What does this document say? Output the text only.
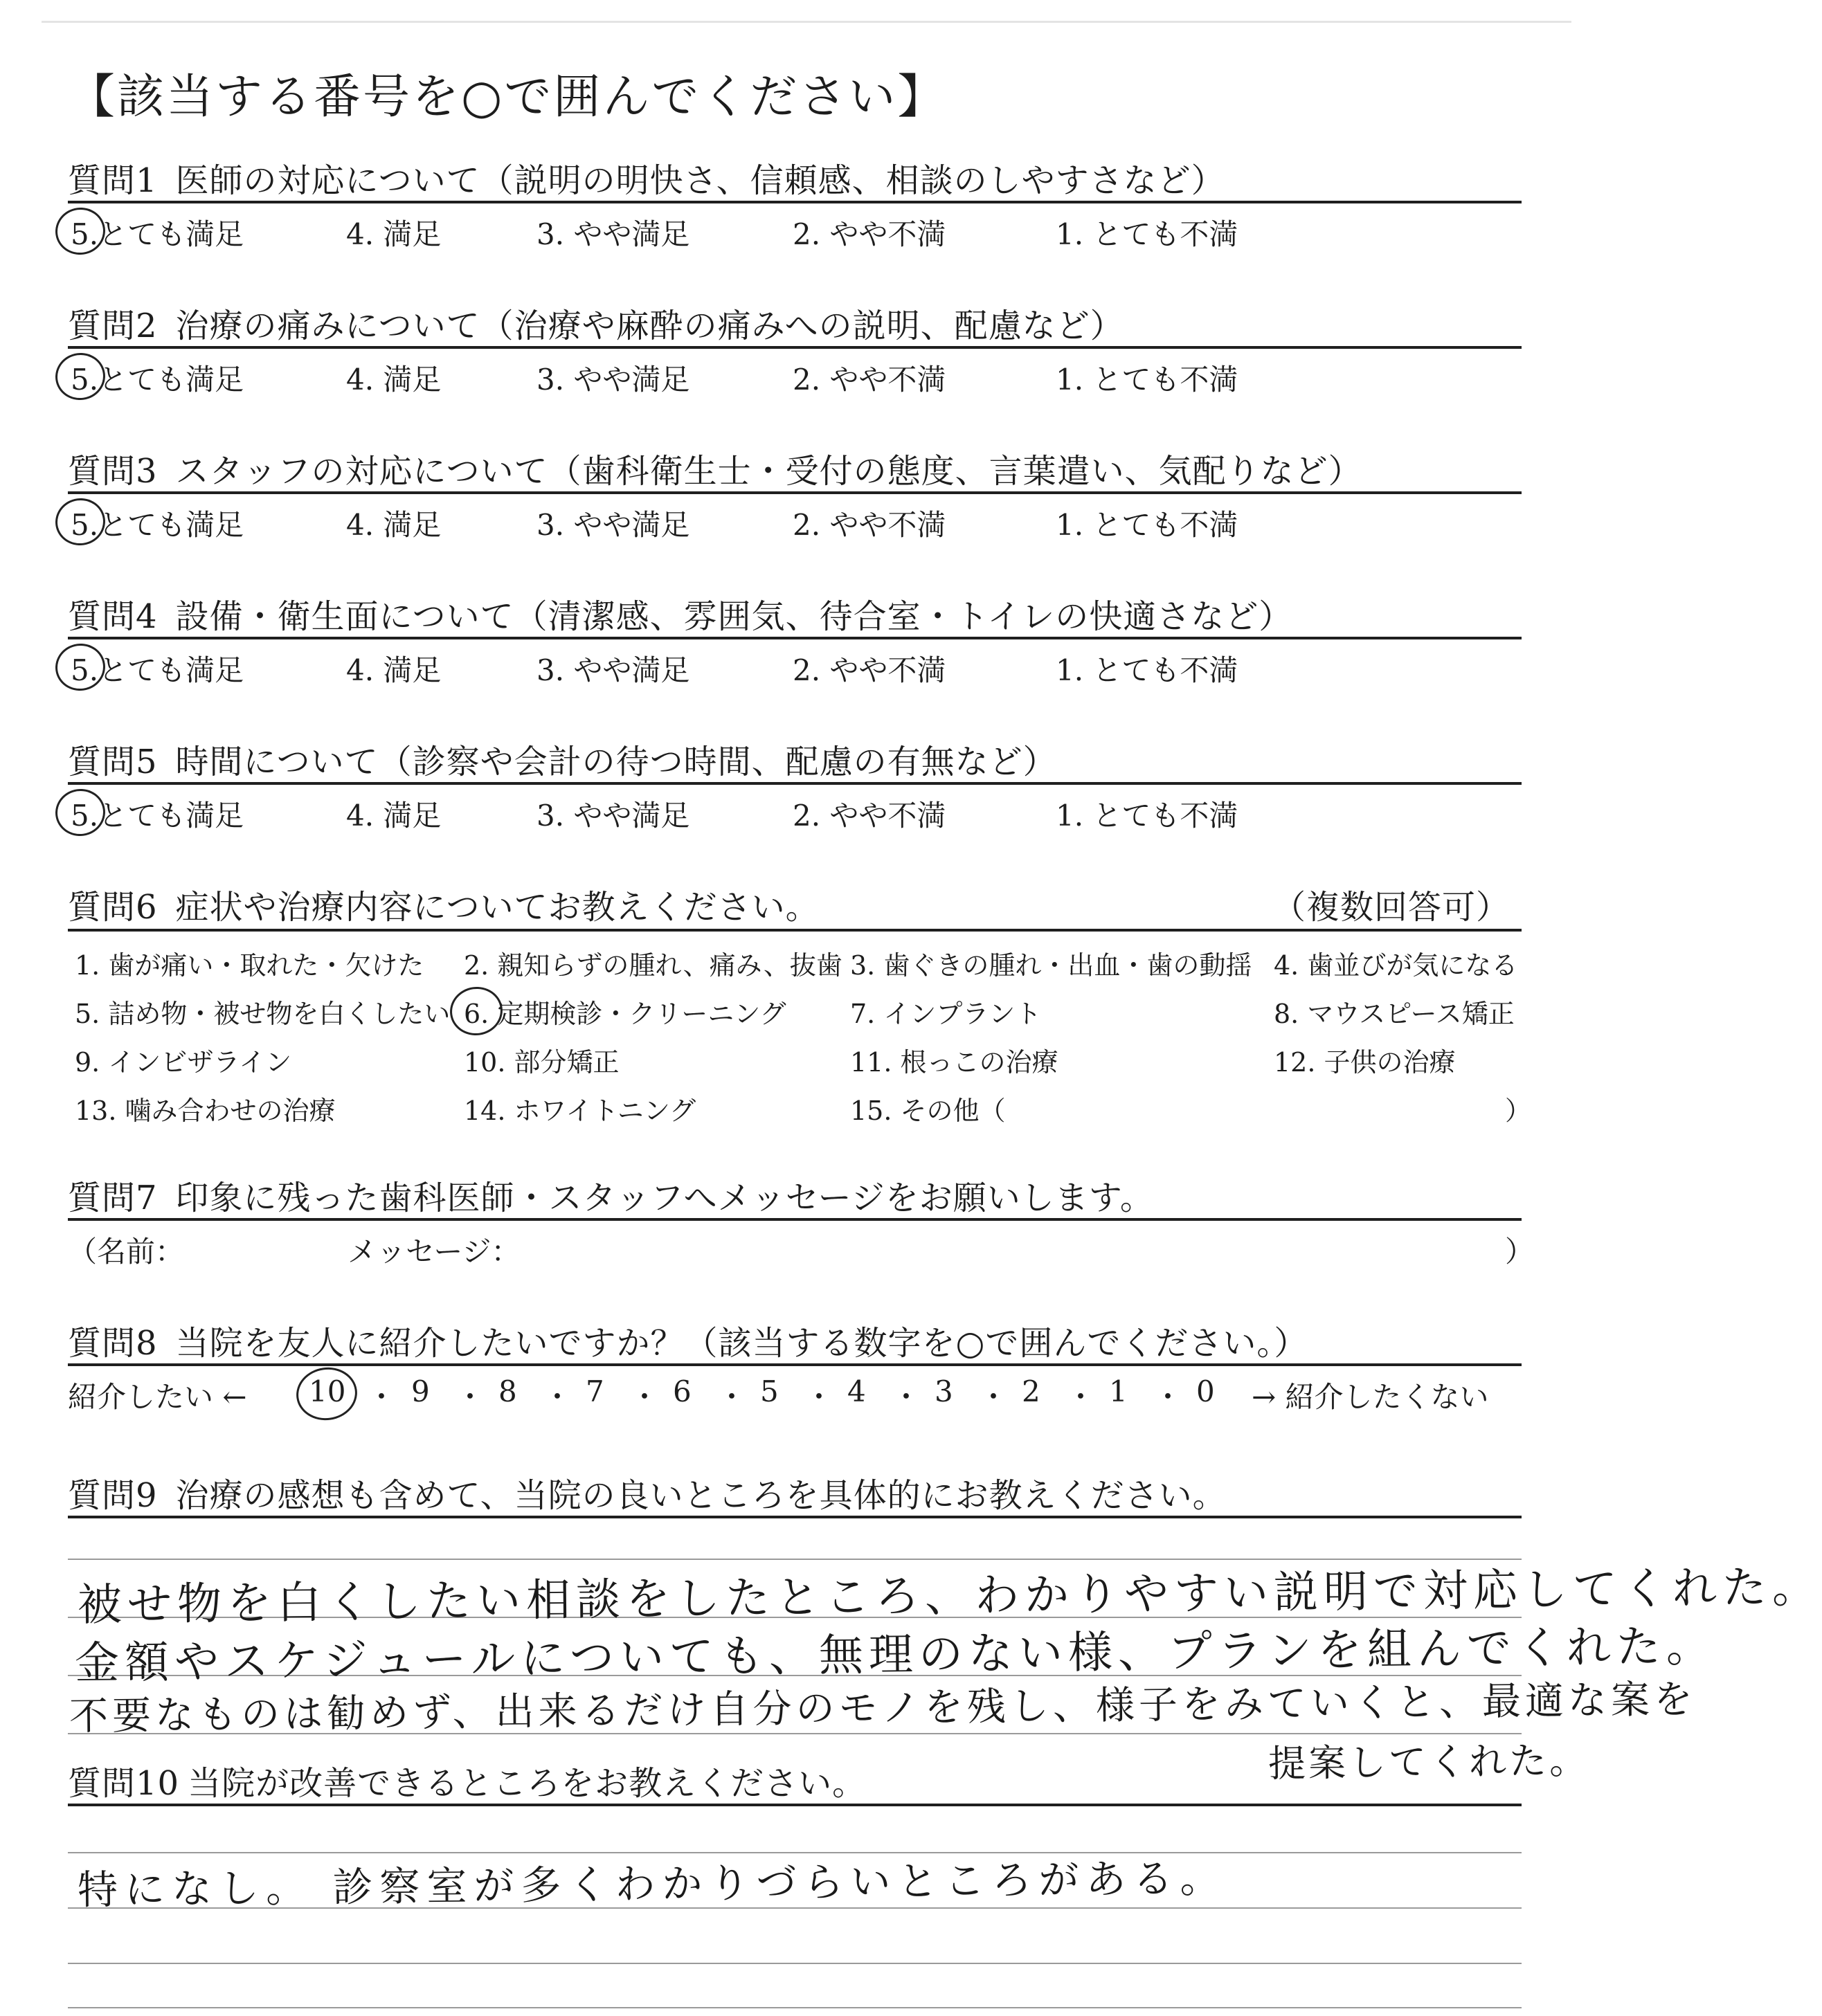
【該当する番号を○で囲んでください】
質問1 医師の対応について（説明の明快さ、信頼感、相談のしやすさなど）
5.とても満足	4. 満足	3. やや満足	2. やや不満	1. とても不満
質問2 治療の痛みについて（治療や麻酔の痛みへの説明、配慮など）
5.とても満足	4. 満足	3. やや満足	2. やや不満	1. とても不満
質問3 スタッフの対応について（歯科衛生士・受付の態度、言葉遣い、気配りなど）
5.とても満足	4. 満足	3. やや満足	2. やや不満	1. とても不満
質問4 設備・衛生面について（清潔感、雰囲気、待合室・トイレの快適さなど）
5.とても満足	4. 満足	3. やや満足	2. やや不満	1. とても不満
質問5 時間について（診察や会計の待つ時間、配慮の有無など）
5.とても満足	4. 満足	3. やや満足	2. やや不満	1. とても不満
質問6 症状や治療内容についてお教えください。	（複数回答可）
1. 歯が痛い・取れた・欠けた 2. 親知らずの腫れ、痛み、抜歯 3. 歯ぐきの腫れ・出血・歯の動揺 4. 歯並びが気になる
5. 詰め物・被せ物を白くしたい 6. 定期検診・クリーニング 7. インプラント	8. マウスピース矯正
9. インビザライン	10. 部分矯正	11. 根っこの治療	12. 子供の治療
13. 噛み合わせの治療	14. ホワイトニング	15. その他（	）
質問7 印象に残った歯科医師・スタッフへメッセージをお願いします。
（名前：	メッセージ：	）
質問8 当院を友人に紹介したいですか？（該当する数字を○で囲んでください。）
紹介したい ← 10 ・ 9 ・ 8 ・ 7 ・ 6 ・ 5 ・ 4 ・ 3 ・ 2 ・ 1 ・ 0 → 紹介したくない
質問9 治療の感想も含めて、当院の良いところを具体的にお教えください。
被せ物を白くしたい相談をしたところ、わかりやすい説明で対応してくれた。
金額やスケジュールについても、無理のない様、プランを組んでくれた。
不要なものは勧めず、出来るだけ自分のモノを残し、様子をみていくと、最適な案を
提案してくれた。
質問10 当院が改善できるところをお教えください。
特になし。 診察室が多くわかりづらいところがある。
